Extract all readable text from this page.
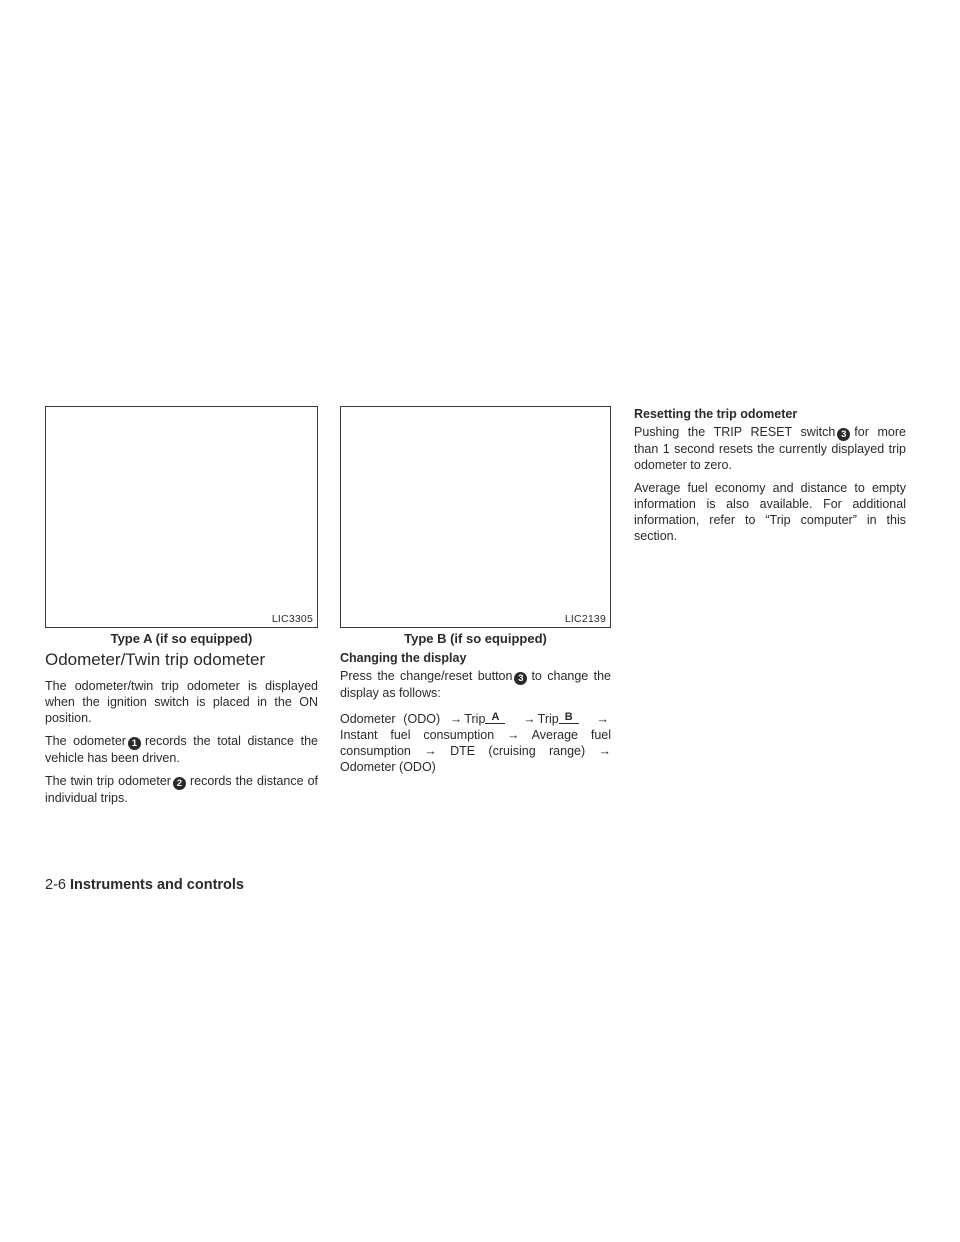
LIC3305
Type A (if so equipped)
LIC2139
Type B (if so equipped)
Odometer/Twin trip odometer

The odometer/twin trip odometer is displayed when the ignition switch is placed in the ON position.

The odometer 1 records the total distance the vehicle has been driven.

The twin trip odometer 2 records the distance of individual trips.

Changing the display

Press the change/reset button 3 to change the display as follows:

Odometer (ODO) → Trip A → Trip B → Instant fuel consumption → Average fuel consumption → DTE (cruising range) → Odometer (ODO)

Resetting the trip odometer

Pushing the TRIP RESET switch 3 for more than 1 second resets the currently displayed trip odometer to zero.

Average fuel economy and distance to empty information is also available. For additional information, refer to “Trip computer” in this section.

2-6 Instruments and controls
